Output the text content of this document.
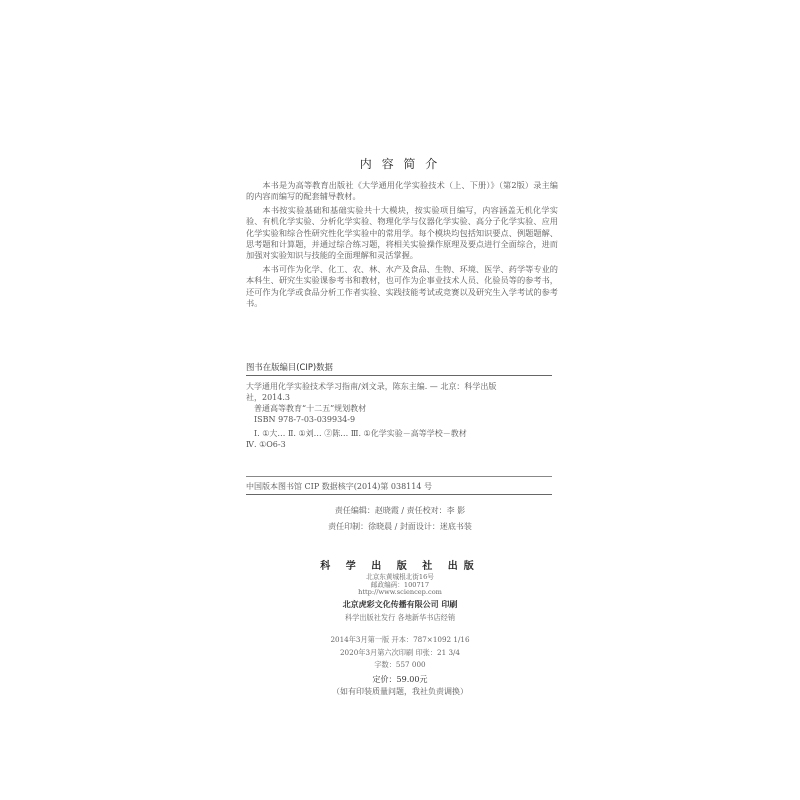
内 容 简 介

本书是为高等教育出版社《大学通用化学实验技术（上、下册）》（第2版）录主编的内容而编写的配套辅导教材。

本书按实验基础和基础实验共十大模块，按实验项目编写，内容涵盖无机化学实验、有机化学实验、分析化学实验、物理化学与仪器化学实验、高分子化学实验、应用化学实验和综合性研究性化学实验中的常用学。每个模块均包括知识要点、例题题解、思考题和计算题，并通过综合练习题，将相关实验操作原理及要点进行全面综合，进而加强对实验知识与技能的全面理解和灵活掌握。

本书可作为化学、化工、农、林、水产及食品、生物、环境、医学、药学等专业的本科生、研究生实验课参考书和教材，也可作为企事业技术人员、化验员等的参考书，还可作为化学或食品分析工作者实验、实践技能考试或竞赛以及研究生入学考试的参考书。

图书在版编目(CIP)数据
大学通用化学实验技术学习指南/刘文录，陈东主编. — 北京：科学出版
社，2014.3
普通高等教育“十二五”规划教材
ISBN 978-7-03-039934-9
Ⅰ. ①大… Ⅱ. ①刘… ②陈… Ⅲ. ①化学实验－高等学校－教材
Ⅳ. ①O6-3
中国版本图书馆 CIP 数据核字(2014)第 038114 号
责任编辑：赵晓霞 / 责任校对：李 影
责任印制：徐晓晨 / 封面设计：迷底书装
科 学 出 版 社 出版
北京东黄城根北街16号
邮政编码：100717
http://www.sciencep.com
北京虎彩文化传播有限公司 印刷
科学出版社发行 各地新华书店经销
2014年3月第一版 开本：787×1092 1/16
2020年3月第六次印刷 印张：21 3/4
字数：557 000
定价：59.00元
（如有印装质量问题，我社负责调换）
